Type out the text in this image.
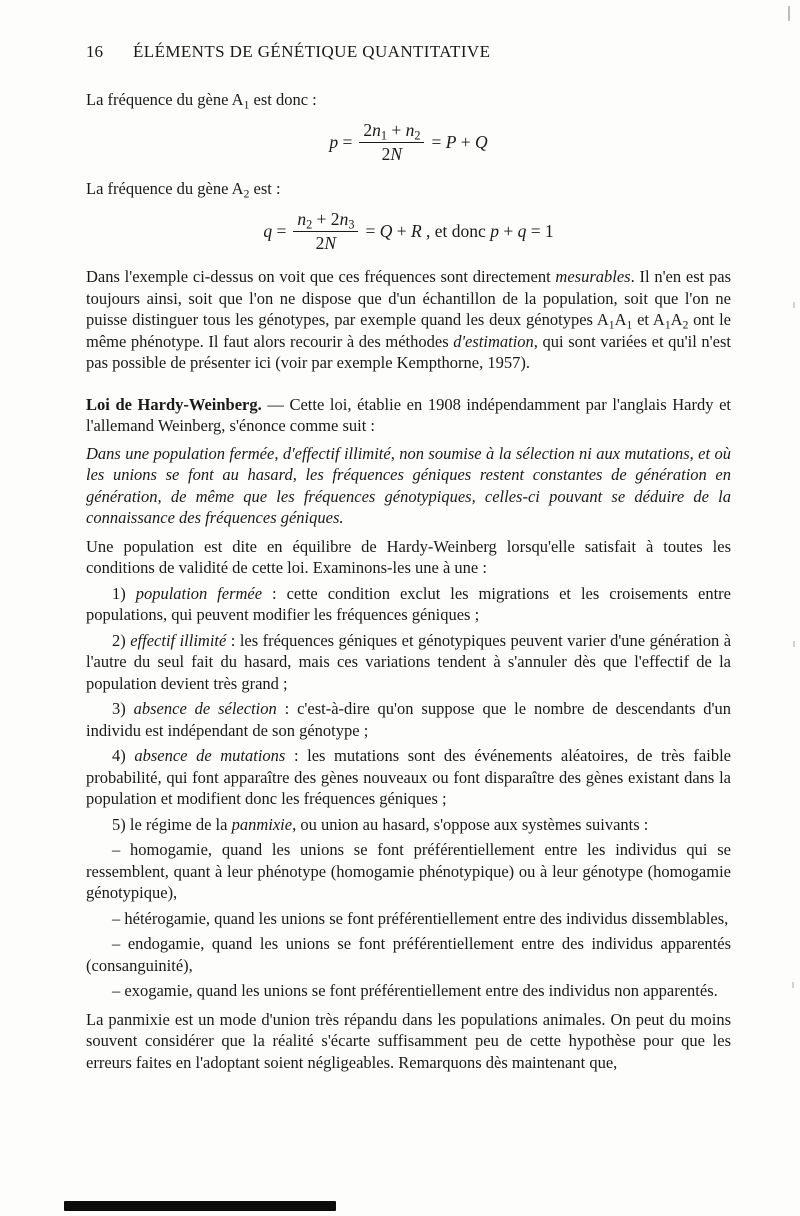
16 ÉLÉMENTS DE GÉNÉTIQUE QUANTITATIVE

La fréquence du gène $A_1$ est donc :

$p = \frac{2n_1 + n_2}{2N} = P + Q$

La fréquence du gène $A_2$ est :

$q = \frac{n_2 + 2n_3}{2N} = Q + R$ , et donc p + q = 1

Dans l'exemple ci-dessus on voit que ces fréquences sont directement mesurables. Il n'en est pas toujours ainsi, soit que l'on ne dispose que d'un échantillon de la population, soit que l'on ne puisse distinguer tous les génotypes, par exemple quand les deux génotypes $A_1A_1$ et $A_1A_2$ ont le même phénotype. Il faut alors recourir à des méthodes d'estimation, qui sont variées et qu'il n'est pas possible de présenter ici (voir par exemple Kempthorne, 1957).

Loi de Hardy-Weinberg. — Cette loi, établie en 1908 indépendamment par l'anglais Hardy et l'allemand Weinberg, s'énonce comme suit :

Dans une population fermée, d'effectif illimité, non soumise à la sélection ni aux mutations, et où les unions se font au hasard, les fréquences géniques restent constantes de génération en génération, de même que les fréquences génotypiques, celles-ci pouvant se déduire de la connaissance des fréquences géniques.

Une population est dite en équilibre de Hardy-Weinberg lorsqu'elle satisfait à toutes les conditions de validité de cette loi. Examinons-les une à une :

1) population fermée : cette condition exclut les migrations et les croisements entre populations, qui peuvent modifier les fréquences géniques ;

2) effectif illimité : les fréquences géniques et génotypiques peuvent varier d'une génération à l'autre du seul fait du hasard, mais ces variations tendent à s'annuler dès que l'effectif de la population devient très grand ;

3) absence de sélection : c'est-à-dire qu'on suppose que le nombre de descendants d'un individu est indépendant de son génotype ;

4) absence de mutations : les mutations sont des événements aléatoires, de très faible probabilité, qui font apparaître des gènes nouveaux ou font disparaître des gènes existant dans la population et modifient donc les fréquences géniques ;

5) le régime de la panmixie, ou union au hasard, s'oppose aux systèmes suivants :

– homogamie, quand les unions se font préférentiellement entre les individus qui se ressemblent, quant à leur phénotype (homogamie phénotypique) ou à leur génotype (homogamie génotypique),

– hétérogamie, quand les unions se font préférentiellement entre des individus dissemblables,

– endogamie, quand les unions se font préférentiellement entre des individus apparentés (consanguinité),

– exogamie, quand les unions se font préférentiellement entre des individus non apparentés.

La panmixie est un mode d'union très répandu dans les populations animales. On peut du moins souvent considérer que la réalité s'écarte suffisamment peu de cette hypothèse pour que les erreurs faites en l'adoptant soient négligeables. Remarquons dès maintenant que,
